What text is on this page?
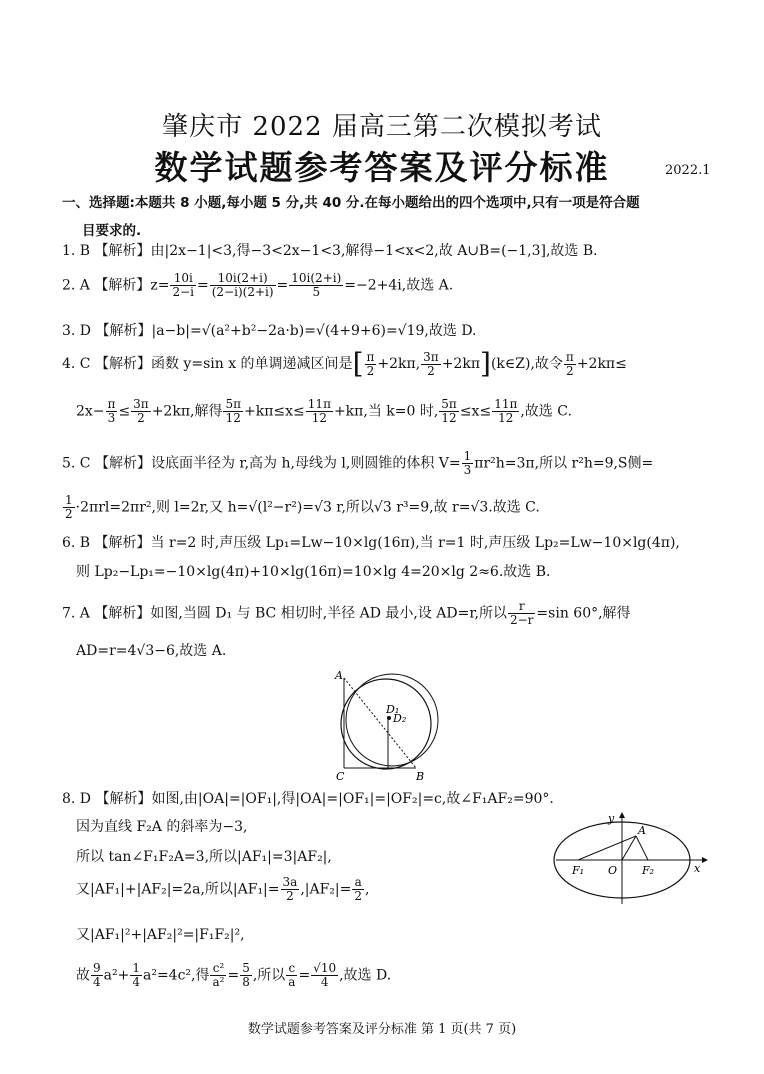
肇庆市 2022 届高三第二次模拟考试
数学试题参考答案及评分标准	2022.1
一、选择题:本题共 8 小题,每小题 5 分,共 40 分.在每小题给出的四个选项中,只有一项是符合题
目要求的.
1. B 【解析】由|2x−1|<3,得−3<2x−1<3,解得−1<x<2,故 A∪B=(−1,3],故选 B.
2. A 【解析】$z= \frac{10i}{2-i} = \frac{10i(2+i)}{(2-i)(2+i)} = \frac{10i(2+i)}{5} =-2+4i$,故选 A.
3. D 【解析】|a−b|=√(a²+b²−2a·b)=√(4+9+6)=√19,故选 D.
4. C 【解析】函数 y=sin x 的单调递减区间是[ $\frac{\pi}{2} +2k\pi$, $\frac{3\pi}{2}$ +2kπ](k∈Z),故令 $\frac{\pi}{2} +2k\pi\le$
$2x- \frac{\pi}{3} \le \frac{3\pi}{2} +2k\pi$,解得 $\frac{5\pi}{12} +k\pi\le x\le \frac{11\pi}{12} +k\pi$,当 k=0 时, $\frac{5\pi}{12} \le x\le \frac{11\pi}{12}$ ,故选 C.
5. C 【解析】设底面半径为 r,高为 h,母线为 l,则圆锥的体积 $V= \frac{1}{3} \pi r^2h=3\pi$,所以 r²h=9,S侧=
$\frac{1}{2} \cdot 2\pi rl=2\pi r^2$,则 l=2r,又 h=√(l²−r²)=√3 r,所以√3 r³=9,故 r=√3.故选 C.
6. B 【解析】当 r=2 时,声压级 Lp₁=Lw−10×lg(16π),当 r=1 时,声压级 Lp₂=Lw−10×lg(4π),
则 Lp₂−Lp₁=−10×lg(4π)+10×lg(16π)=10×lg 4=20×lg 2≈6.故选 B.
7. A 【解析】如图,当圆 D₁ 与 BC 相切时,半径 AD 最小,设 AD=r,所以 $\frac{r}{2-r} =\sin$ 60°,解得
AD=r=4√3−6,故选 A.
A
D₁
D₂
C	B
8. D 【解析】如图,由|OA|=|OF₁|,得|OA|=|OF₁|=|OF₂|=c,故∠F₁AF₂=90°.
因为直线 F₂A 的斜率为−3,
所以 tan∠F₁F₂A=3,所以|AF₁|=3|AF₂|,
又|AF₁|+|AF₂|=2a,所以$|AF_1|= \frac{3a}{2} ,|AF_2|= \frac{a}{2}$ ,
又|AF₁|²+|AF₂|²=|F₁F₂|²,
故 $\frac{9}{4} a^2+ \frac{1}{4} a^2=4c^2$,得 $\frac{\text{c²}}{\text{a²}} = \frac{5}{8}$ ,所以 $\frac{c}{a} = \frac{√10}{4}$ ,故选 D.
y
x
A
F₁ O F₂
数学试题参考答案及评分标准 第 1 页(共 7 页)
